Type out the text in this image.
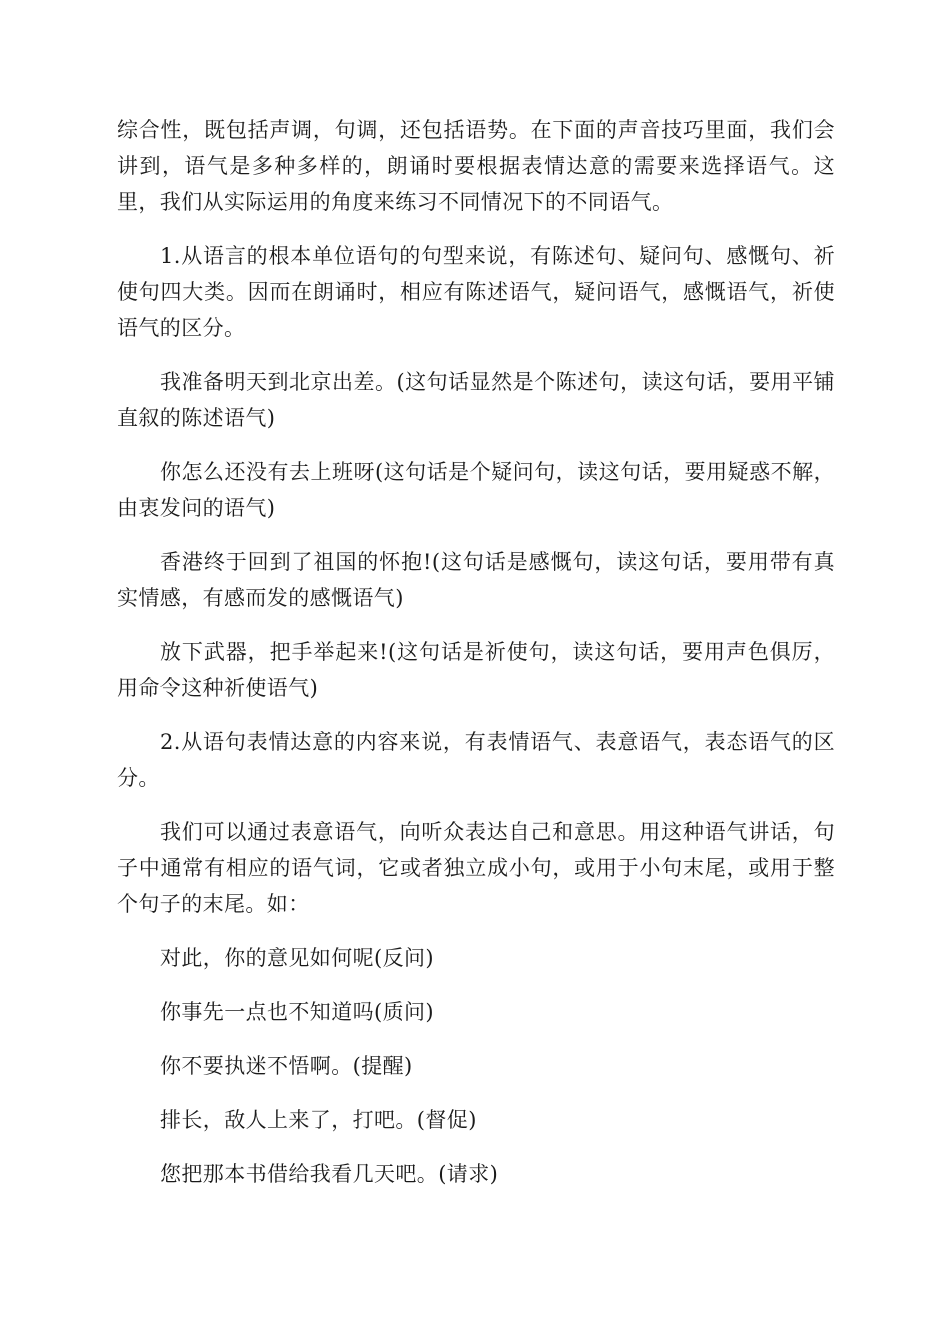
综合性，既包括声调，句调，还包括语势。在下面的声音技巧里面，我们会讲到，语气是多种多样的，朗诵时要根据表情达意的需要来选择语气。这里，我们从实际运用的角度来练习不同情况下的不同语气。

1.从语言的根本单位语句的句型来说，有陈述句、疑问句、感慨句、祈使句四大类。因而在朗诵时，相应有陈述语气，疑问语气，感慨语气，祈使语气的区分。

我准备明天到北京出差。(这句话显然是个陈述句，读这句话，要用平铺直叙的陈述语气)

你怎么还没有去上班呀(这句话是个疑问句，读这句话，要用疑惑不解，由衷发问的语气)

香港终于回到了祖国的怀抱!(这句话是感慨句，读这句话，要用带有真实情感，有感而发的感慨语气)

放下武器，把手举起来!(这句话是祈使句，读这句话，要用声色俱厉，用命令这种祈使语气)

2.从语句表情达意的内容来说，有表情语气、表意语气，表态语气的区分。

我们可以通过表意语气，向听众表达自己和意思。用这种语气讲话，句子中通常有相应的语气词，它或者独立成小句，或用于小句末尾，或用于整个句子的末尾。如：

对此，你的意见如何呢(反问)

你事先一点也不知道吗(质问)

你不要执迷不悟啊。(提醒)

排长，敌人上来了，打吧。(督促)

您把那本书借给我看几天吧。(请求)
